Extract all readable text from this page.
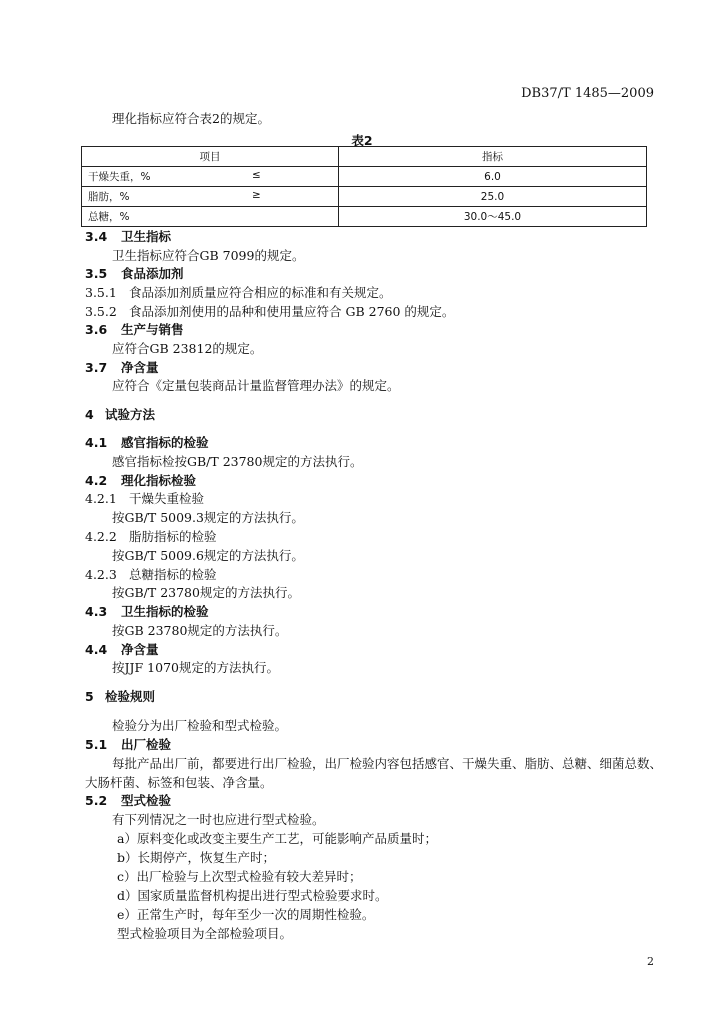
DB37/T 1485—2009
理化指标应符合表2的规定。
表2
项目	指标
干燥失重，% ≤	6.0
脂肪，% ≥	25.0
总糖，%	30.0～45.0
3.4 卫生指标
卫生指标应符合GB 7099的规定。
3.5 食品添加剂
3.5.1 食品添加剂质量应符合相应的标准和有关规定。
3.5.2 食品添加剂使用的品种和使用量应符合 GB 2760 的规定。
3.6 生产与销售
应符合GB 23812的规定。
3.7 净含量
应符合《定量包装商品计量监督管理办法》的规定。
4 试验方法
4.1 感官指标的检验
感官指标检按GB/T 23780规定的方法执行。
4.2 理化指标检验
4.2.1 干燥失重检验
按GB/T 5009.3规定的方法执行。
4.2.2 脂肪指标的检验
按GB/T 5009.6规定的方法执行。
4.2.3 总糖指标的检验
按GB/T 23780规定的方法执行。
4.3 卫生指标的检验
按GB 23780规定的方法执行。
4.4 净含量
按JJF 1070规定的方法执行。
5 检验规则
检验分为出厂检验和型式检验。
5.1 出厂检验
每批产品出厂前，都要进行出厂检验，出厂检验内容包括感官、干燥失重、脂肪、总糖、细菌总数、
大肠杆菌、标签和包装、净含量。
5.2 型式检验
有下列情况之一时也应进行型式检验。
a）原料变化或改变主要生产工艺，可能影响产品质量时；
b）长期停产，恢复生产时；
c）出厂检验与上次型式检验有较大差异时；
d）国家质量监督机构提出进行型式检验要求时。
e）正常生产时，每年至少一次的周期性检验。
型式检验项目为全部检验项目。
2
